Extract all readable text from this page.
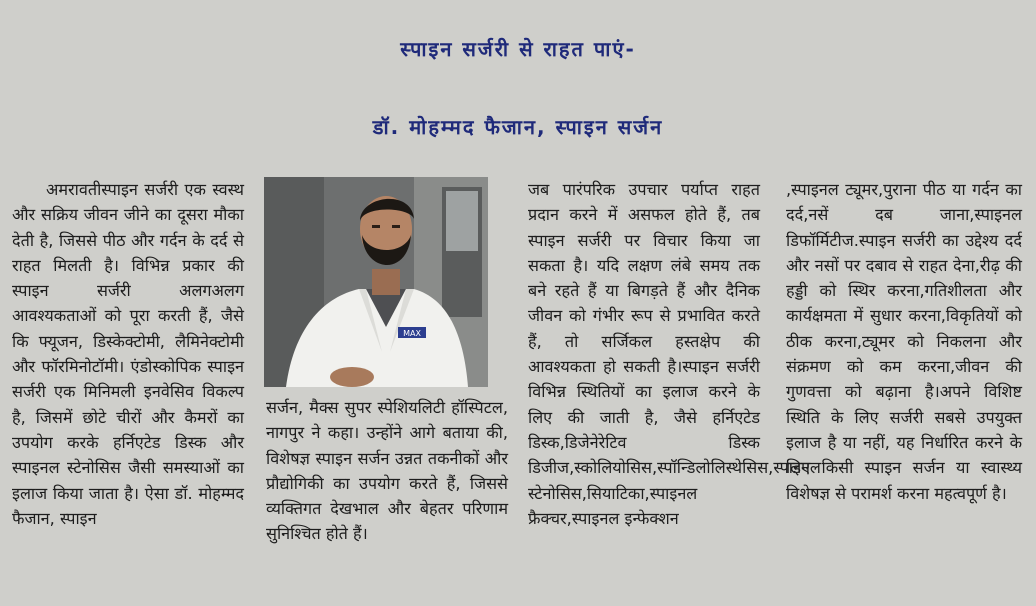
स्पाइन सर्जरी से राहत पाएं-
डॉ. मोहम्मद फैजान, स्पाइन सर्जन
अमरावतीस्पाइन सर्जरी एक स्वस्थ और सक्रिय जीवन जीने का दूसरा मौका देती है, जिससे पीठ और गर्दन के दर्द से राहत मिलती है। विभिन्न प्रकार की स्पाइन सर्जरी अलगअलग आवश्यकताओं को पूरा करती हैं, जैसे कि फ्यूजन, डिस्केक्टोमी, लैमिनेक्टोमी और फॉरमिनोटॉमी। एंडोस्कोपिक स्पाइन सर्जरी एक मिनिमली इनवेसिव विकल्प है, जिसमें छोटे चीरों और कैमरों का उपयोग करके हर्निएटेड डिस्क और स्पाइनल स्टेनोसिस जैसी समस्याओं का इलाज किया जाता है। ऐसा डॉ. मोहम्मद फैजान, स्पाइन
MAX
सर्जन, मैक्स सुपर स्पेशियलिटी हॉस्पिटल, नागपुर ने कहा। उन्होंने आगे बताया की, विशेषज्ञ स्पाइन सर्जन उन्नत तकनीकों और प्रौद्योगिकी का उपयोग करते हैं, जिससे व्यक्तिगत देखभाल और बेहतर परिणाम सुनिश्चित होते हैं।
जब पारंपरिक उपचार पर्याप्त राहत प्रदान करने में असफल होते हैं, तब स्पाइन सर्जरी पर विचार किया जा सकता है। यदि लक्षण लंबे समय तक बने रहते हैं या बिगड़ते हैं और दैनिक जीवन को गंभीर रूप से प्रभावित करते हैं, तो सर्जिकल हस्तक्षेप की आवश्यकता हो सकती है।स्पाइन सर्जरी विभिन्न स्थितियों का इलाज करने के लिए की जाती है, जैसे हर्निएटेड डिस्क,डिजेनेरेटिव डिस्क डिजीज,स्कोलियोसिस,स्पॉन्डिलोलिस्थेसिस,स्पाइनल स्टेनोसिस,सियाटिका,स्पाइनल फ्रैक्चर,स्पाइनल इन्फेक्शन
,स्पाइनल ट्यूमर,पुराना पीठ या गर्दन का दर्द,नसें दब जाना,स्पाइनल डिफॉर्मिटीज.स्पाइन सर्जरी का उद्देश्य दर्द और नसों पर दबाव से राहत देना,रीढ़ की हड्डी को स्थिर करना,गतिशीलता और कार्यक्षमता में सुधार करना,विकृतियों को ठीक करना,ट्यूमर को निकलना और संक्रमण को कम करना,जीवन की गुणवत्ता को बढ़ाना है।अपने विशिष्ट स्थिति के लिए सर्जरी सबसे उपयुक्त इलाज है या नहीं, यह निर्धारित करने के लिए किसी स्पाइन सर्जन या स्वास्थ्य विशेषज्ञ से परामर्श करना महत्वपूर्ण है।
